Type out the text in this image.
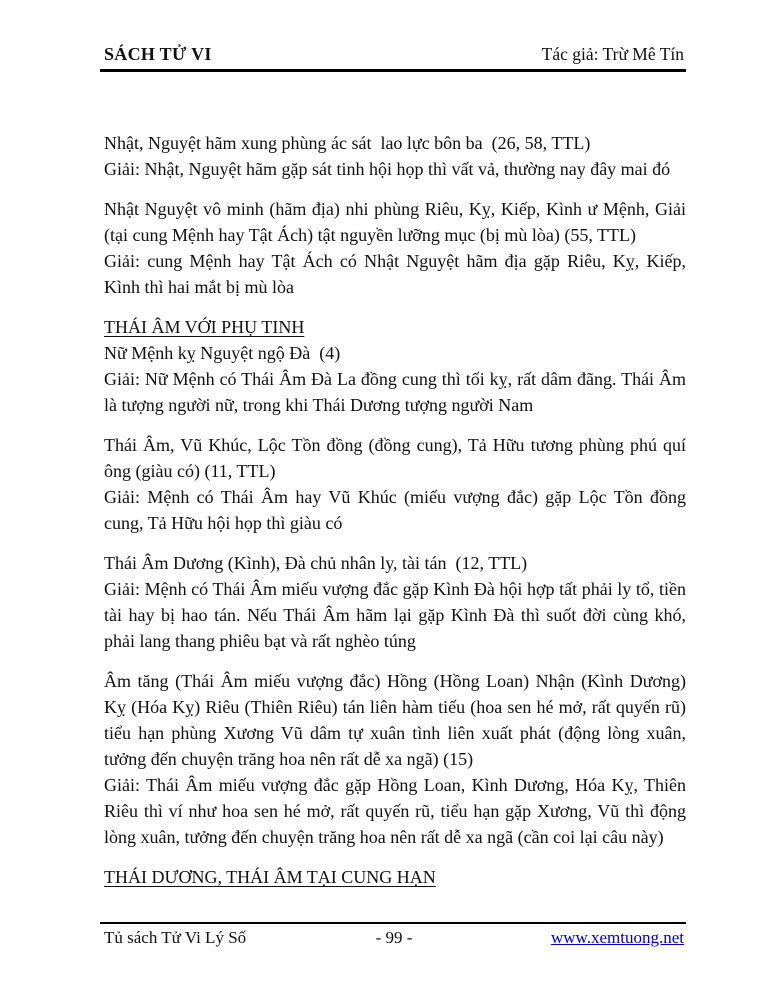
SÁCH TỬ VI	Tác giả: Trừ Mê Tín

Nhật, Nguyệt hãm xung phùng ác sát  lao lực bôn ba  (26, 58, TTL)

Giải: Nhật, Nguyệt hãm gặp sát tinh hội họp thì vất vả, thường nay đây mai đó

Nhật Nguyệt vô minh (hãm địa) nhi phùng Riêu, Kỵ, Kiếp, Kình ư Mệnh, Giải (tại cung Mệnh hay Tật Ách) tật nguyền lưỡng mục (bị mù lòa) (55, TTL)

Giải: cung Mệnh hay Tật Ách có Nhật Nguyệt hãm địa gặp Riêu, Kỵ, Kiếp, Kình thì hai mắt bị mù lòa

THÁI ÂM VỚI PHỤ TINH

Nữ Mệnh kỵ Nguyệt ngộ Đà  (4)

Giải: Nữ Mệnh có Thái Âm Đà La đồng cung thì tối kỵ, rất dâm đãng. Thái Âm là tượng người nữ, trong khi Thái Dương tượng người Nam

Thái Âm, Vũ Khúc, Lộc Tồn đồng (đồng cung), Tả Hữu tương phùng phú quí ông (giàu có) (11, TTL)

Giải: Mệnh có Thái Âm hay Vũ Khúc (miếu vượng đắc) gặp Lộc Tồn đồng cung, Tả Hữu hội họp thì giàu có

Thái Âm Dương (Kình), Đà chủ nhân ly, tài tán  (12, TTL)

Giải: Mệnh có Thái Âm miếu vượng đắc gặp Kình Đà hội hợp tất phải ly tổ, tiền tài hay bị hao tán. Nếu Thái Âm hãm lại gặp Kình Đà thì suốt đời cùng khó, phải lang thang phiêu bạt và rất nghèo túng

Âm tăng (Thái Âm miếu vượng đắc) Hồng (Hồng Loan) Nhận (Kình Dương) Kỵ (Hóa Kỵ) Riêu (Thiên Riêu) tán liên hàm tiếu (hoa sen hé mở, rất quyến rũ) tiểu hạn phùng Xương Vũ dâm tự xuân tình liên xuất phát (động lòng xuân, tưởng đến chuyện trăng hoa nên rất dễ xa ngã) (15)

Giải: Thái Âm miếu vượng đắc gặp Hồng Loan, Kình Dương, Hóa Kỵ, Thiên Riêu thì ví như hoa sen hé mở, rất quyến rũ, tiểu hạn gặp Xương, Vũ thì động lòng xuân, tưởng đến chuyện trăng hoa nên rất dễ xa ngã (cần coi lại câu này)

THÁI DƯƠNG, THÁI ÂM TẠI CUNG HẠN

Tủ sách Tử Vi Lý Số	- 99 -	www.xemtuong.net
